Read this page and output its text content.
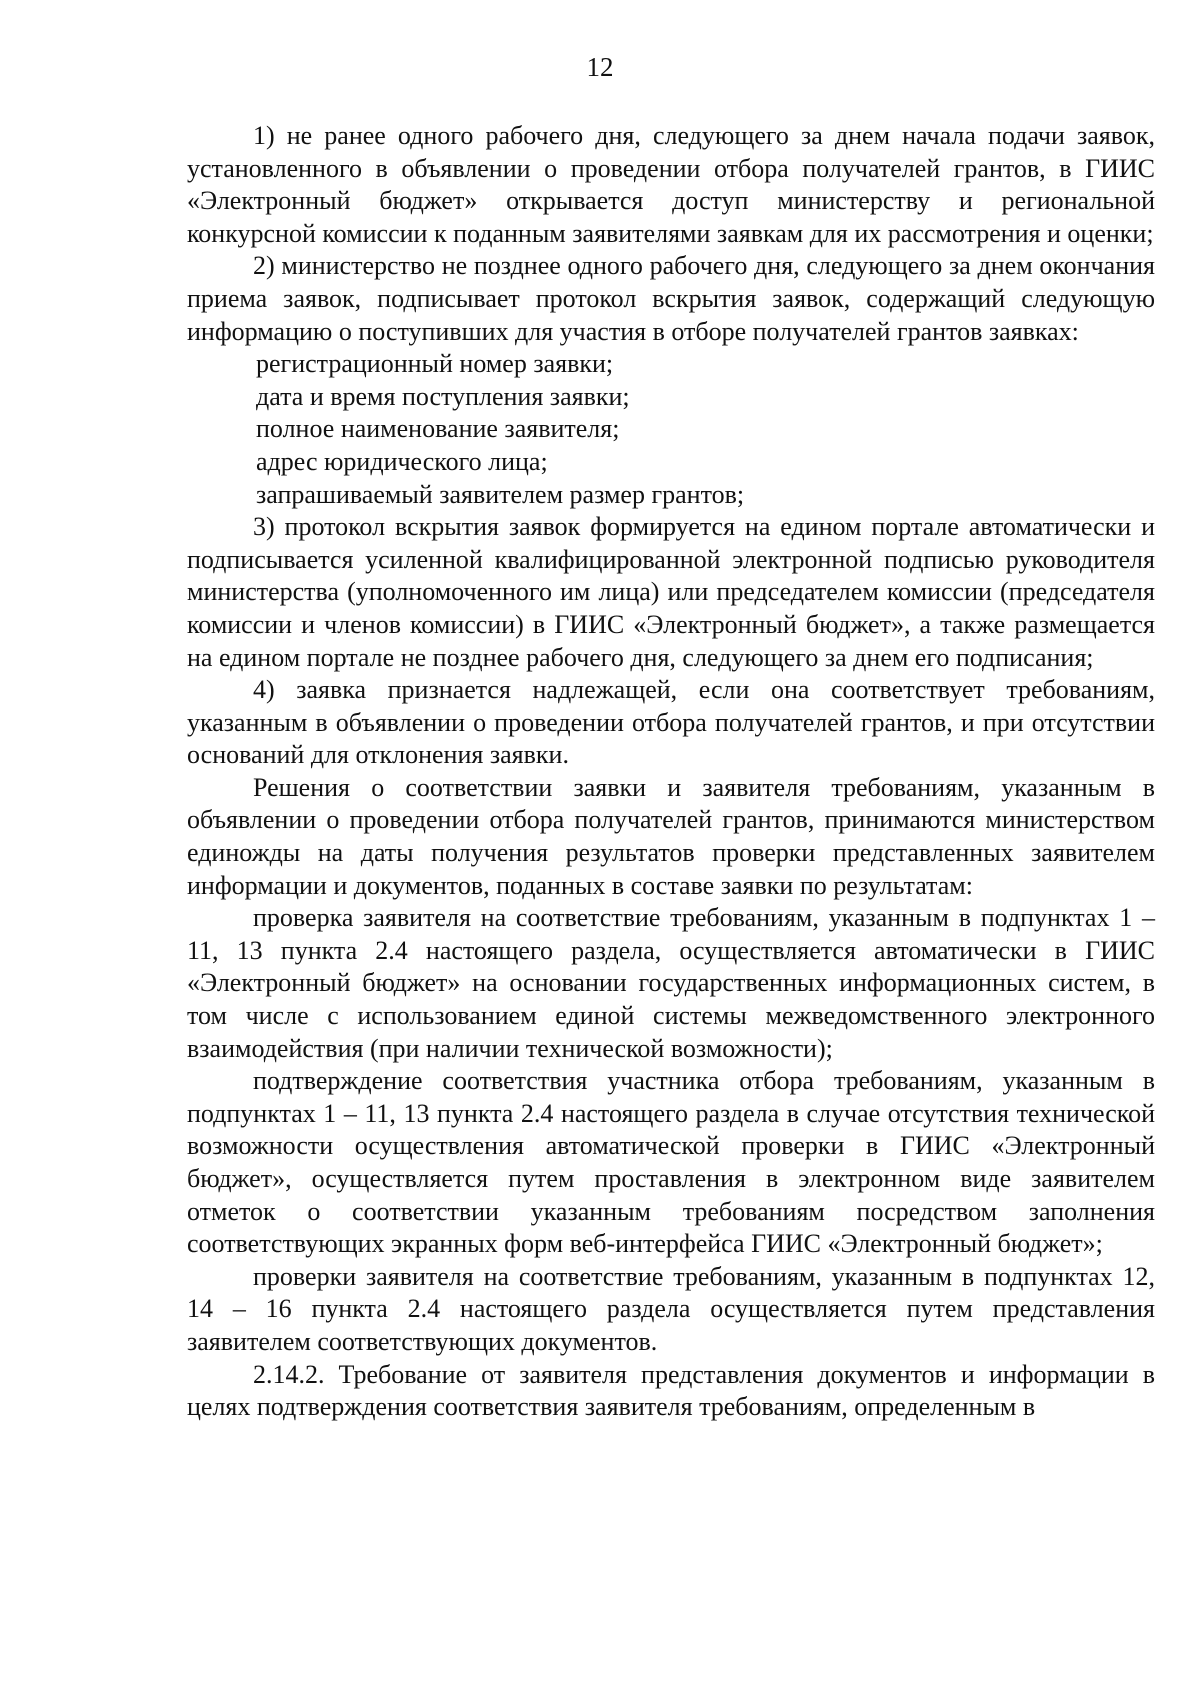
12

1) не ранее одного рабочего дня, следующего за днем начала подачи заявок, установленного в объявлении о проведении отбора получателей грантов, в ГИИС «Электронный бюджет» открывается доступ министерству и региональной конкурсной комиссии к поданным заявителями заявкам для их рассмотрения и оценки;

2) министерство не позднее одного рабочего дня, следующего за днем окончания приема заявок, подписывает протокол вскрытия заявок, содержащий следующую информацию о поступивших для участия в отборе получателей грантов заявках:

регистрационный номер заявки;

дата и время поступления заявки;

полное наименование заявителя;

адрес юридического лица;

запрашиваемый заявителем размер грантов;

3) протокол вскрытия заявок формируется на едином портале автоматически и подписывается усиленной квалифицированной электронной подписью руководителя министерства (уполномоченного им лица) или председателем комиссии (председателя комиссии и членов комиссии) в ГИИС «Электронный бюджет», а также размещается на едином портале не позднее рабочего дня, следующего за днем его подписания;

4) заявка признается надлежащей, если она соответствует требованиям, указанным в объявлении о проведении отбора получателей грантов, и при отсутствии оснований для отклонения заявки.

Решения о соответствии заявки и заявителя требованиям, указанным в объявлении о проведении отбора получателей грантов, принимаются министерством единожды на даты получения результатов проверки представленных заявителем информации и документов, поданных в составе заявки по результатам:

проверка заявителя на соответствие требованиям, указанным в подпунктах 1 – 11, 13 пункта 2.4 настоящего раздела, осуществляется автоматически в ГИИС «Электронный бюджет» на основании государственных информационных систем, в том числе с использованием единой системы межведомственного электронного взаимодействия (при наличии технической возможности);

подтверждение соответствия участника отбора требованиям, указанным в подпунктах 1 – 11, 13 пункта 2.4 настоящего раздела в случае отсутствия технической возможности осуществления автоматической проверки в ГИИС «Электронный бюджет», осуществляется путем проставления в электронном виде заявителем отметок о соответствии указанным требованиям посредством заполнения соответствующих экранных форм веб-интерфейса ГИИС «Электронный бюджет»;

проверки заявителя на соответствие требованиям, указанным в подпунктах 12, 14 – 16 пункта 2.4 настоящего раздела осуществляется путем представления заявителем соответствующих документов.

2.14.2. Требование от заявителя представления документов и информации в целях подтверждения соответствия заявителя требованиям, определенным в
